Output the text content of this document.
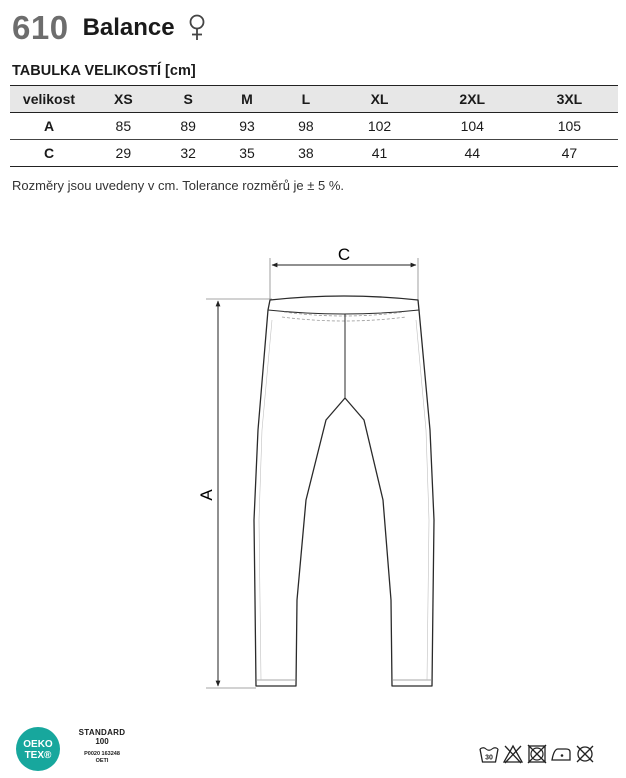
610 Balance
TABULKA VELIKOSTÍ [cm]
velikost	XS	S	M	L	XL	2XL	3XL
A	85	89	93	98	102	104	105
C	29	32	35	38	41	44	47
Rozměry jsou uvedeny v cm. Tolerance rozměrů je ± 5 %.
C
A
OEKO
TEX®
STANDARD
100
P0020 163248
OETI	30
